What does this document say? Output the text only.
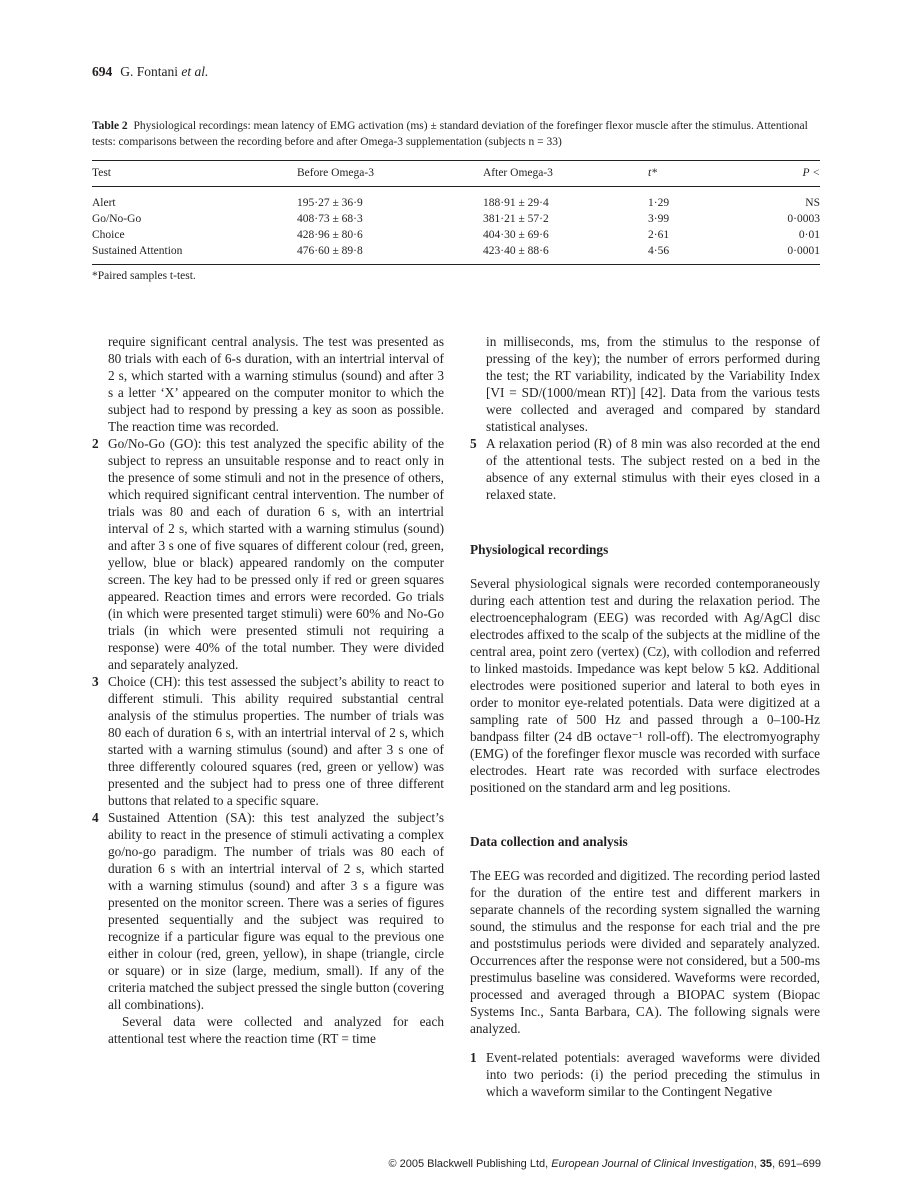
694 G. Fontani et al.
Table 2 Physiological recordings: mean latency of EMG activation (ms) ± standard deviation of the forefinger flexor muscle after the stimulus. Attentional tests: comparisons between the recording before and after Omega-3 supplementation (subjects n = 33)
Test	Before Omega-3	After Omega-3	t*	P <
Alert	195·27 ± 36·9	188·91 ± 29·4	1·29	NS
Go/No-Go	408·73 ± 68·3	381·21 ± 57·2	3·99	0·0003
Choice	428·96 ± 80·6	404·30 ± 69·6	2·61	0·01
Sustained Attention	476·60 ± 89·8	423·40 ± 88·6	4·56	0·0001
*Paired samples t-test.

require significant central analysis. The test was presented as 80 trials with each of 6-s duration, with an intertrial interval of 2 s, which started with a warning stimulus (sound) and after 3 s a letter ‘X’ appeared on the computer monitor to which the subject had to respond by pressing a key as soon as possible. The reaction time was recorded.

2 Go/No-Go (GO): this test analyzed the specific ability of the subject to repress an unsuitable response and to react only in the presence of some stimuli and not in the presence of others, which required significant central intervention. The number of trials was 80 and each of duration 6 s, with an intertrial interval of 2 s, which started with a warning stimulus (sound) and after 3 s one of five squares of different colour (red, green, yellow, blue or black) appeared randomly on the computer screen. The key had to be pressed only if red or green squares appeared. Reaction times and errors were recorded. Go trials (in which were presented target stimuli) were 60% and No-Go trials (in which were presented stimuli not requiring a response) were 40% of the total number. They were divided and separately analyzed.

3 Choice (CH): this test assessed the subject’s ability to react to different stimuli. This ability required substantial central analysis of the stimulus properties. The number of trials was 80 each of duration 6 s, with an intertrial interval of 2 s, which started with a warning stimulus (sound) and after 3 s one of three differently coloured squares (red, green or yellow) was presented and the subject had to press one of three different buttons that related to a specific square.

4 Sustained Attention (SA): this test analyzed the subject’s ability to react in the presence of stimuli activating a complex go/no-go paradigm. The number of trials was 80 each of duration 6 s with an intertrial interval of 2 s, which started with a warning stimulus (sound) and after 3 s a figure was presented on the monitor screen. There was a series of figures presented sequentially and the subject was required to recognize if a particular figure was equal to the previous one either in colour (red, green, yellow), in shape (triangle, circle or square) or in size (large, medium, small). If any of the criteria matched the subject pressed the single button (covering all combinations).

Several data were collected and analyzed for each attentional test where the reaction time (RT = time

in milliseconds, ms, from the stimulus to the response of pressing of the key); the number of errors performed during the test; the RT variability, indicated by the Variability Index [VI = SD/(1000/mean RT)] [42]. Data from the various tests were collected and averaged and compared by standard statistical analyses.

5 A relaxation period (R) of 8 min was also recorded at the end of the attentional tests. The subject rested on a bed in the absence of any external stimulus with their eyes closed in a relaxed state.

Physiological recordings

Several physiological signals were recorded contemporaneously during each attention test and during the relaxation period. The electroencephalogram (EEG) was recorded with Ag/AgCl disc electrodes affixed to the scalp of the subjects at the midline of the central area, point zero (vertex) (Cz), with collodion and referred to linked mastoids. Impedance was kept below 5 kΩ. Additional electrodes were positioned superior and lateral to both eyes in order to monitor eye-related potentials. Data were digitized at a sampling rate of 500 Hz and passed through a 0–100-Hz bandpass filter (24 dB octave⁻¹ roll-off). The electromyography (EMG) of the forefinger flexor muscle was recorded with surface electrodes. Heart rate was recorded with surface electrodes positioned on the standard arm and leg positions.

Data collection and analysis

The EEG was recorded and digitized. The recording period lasted for the duration of the entire test and different markers in separate channels of the recording system signalled the warning sound, the stimulus and the response for each trial and the pre and poststimulus periods were divided and separately analyzed. Occurrences after the response were not considered, but a 500-ms prestimulus baseline was considered. Waveforms were recorded, processed and averaged through a BIOPAC system (Biopac Systems Inc., Santa Barbara, CA). The following signals were analyzed.

1 Event-related potentials: averaged waveforms were divided into two periods: (i) the period preceding the stimulus in which a waveform similar to the Contingent Negative

© 2005 Blackwell Publishing Ltd, European Journal of Clinical Investigation, 35, 691–699
